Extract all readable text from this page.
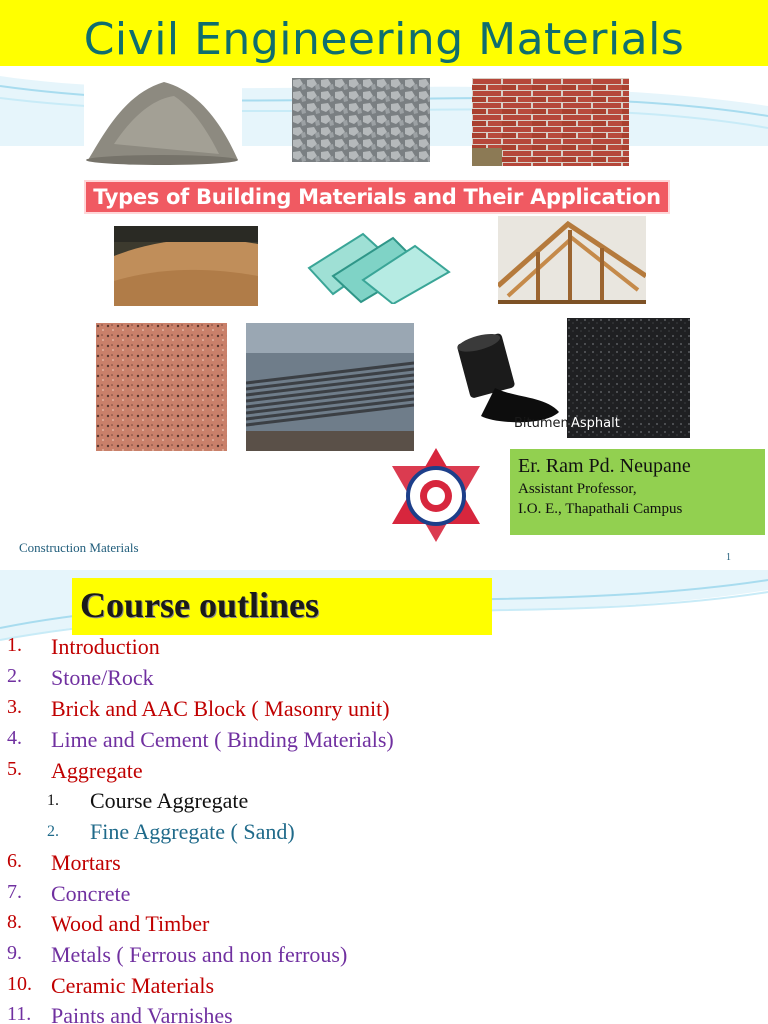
Civil Engineering Materials
Types of Building Materials and Their Application
Bitumen Asphalt
Er. Ram Pd. Neupane
Assistant Professor,
I.O. E., Thapathali Campus
Construction Materials
1
Course outlines
1. Introduction
2. Stone/Rock
3. Brick and AAC Block ( Masonry unit)
4. Lime and Cement ( Binding Materials)
5. Aggregate
1. Course Aggregate
2. Fine Aggregate ( Sand)
6. Mortars
7. Concrete
8. Wood and Timber
9. Metals ( Ferrous and non ferrous)
10. Ceramic Materials
11. Paints and Varnishes
